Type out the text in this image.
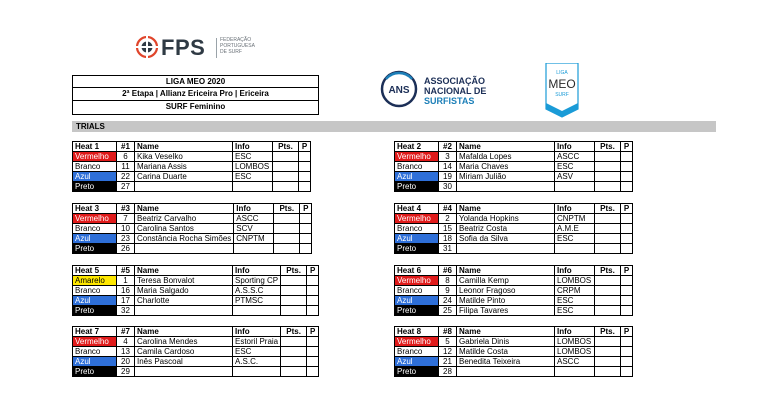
FPS	FEDERAÇÃO
PORTUGUESA
DE SURF
LIGA MEO 2020
2ª Etapa | Allianz Ericeira Pro | Ericeira
SURF Feminino
ANS
ASSOCIAÇÃO
NACIONAL DE
SURFISTAS
LIGA
MEO
SURF
TRIALS
Heat 1	#1	Name	Info	Pts.	P
Vermelho	6	Kika Veselko	ESC		
Branco	11	Mariana Assis	LOMBOS		
Azul	22	Carina Duarte	ESC		
Preto	27				
Heat 2	#2	Name	Info	Pts.	P
Vermelho	3	Mafalda Lopes	ASCC		
Branco	14	Maria Chaves	ESC		
Azul	19	Miriam Julião	ASV		
Preto	30				
Heat 3	#3	Name	Info	Pts.	P
Vermelho	7	Beatriz Carvalho	ASCC		
Branco	10	Carolina Santos	SCV		
Azul	23	Constância Rocha Simões	CNPTM		
Preto	26				
Heat 4	#4	Name	Info	Pts.	P
Vermelho	2	Yolanda Hopkins	CNPTM		
Branco	15	Beatriz Costa	A.M.E		
Azul	18	Sofia da Silva	ESC		
Preto	31				
Heat 5	#5	Name	Info	Pts.	P
Amarelo	1	Teresa Bonvalot	Sporting CP		
Branco	16	Maria Salgado	A.S.S.C		
Azul	17	Charlotte	PTMSC		
Preto	32				
Heat 6	#6	Name	Info	Pts.	P
Vermelho	8	Camilla Kemp	LOMBOS		
Branco	9	Leonor Fragoso	CRPM		
Azul	24	Matilde Pinto	ESC		
Preto	25	Filipa Tavares	ESC		
Heat 7	#7	Name	Info	Pts.	P
Vermelho	4	Carolina Mendes	Estoril Praia		
Branco	13	Camila Cardoso	ESC		
Azul	20	Inês Pascoal	A.S.C.		
Preto	29				
Heat 8	#8	Name	Info	Pts.	P
Vermelho	5	Gabriela Dinis	LOMBOS		
Branco	12	Matilde Costa	LOMBOS		
Azul	21	Benedita Teixeira	ASCC		
Preto	28				
